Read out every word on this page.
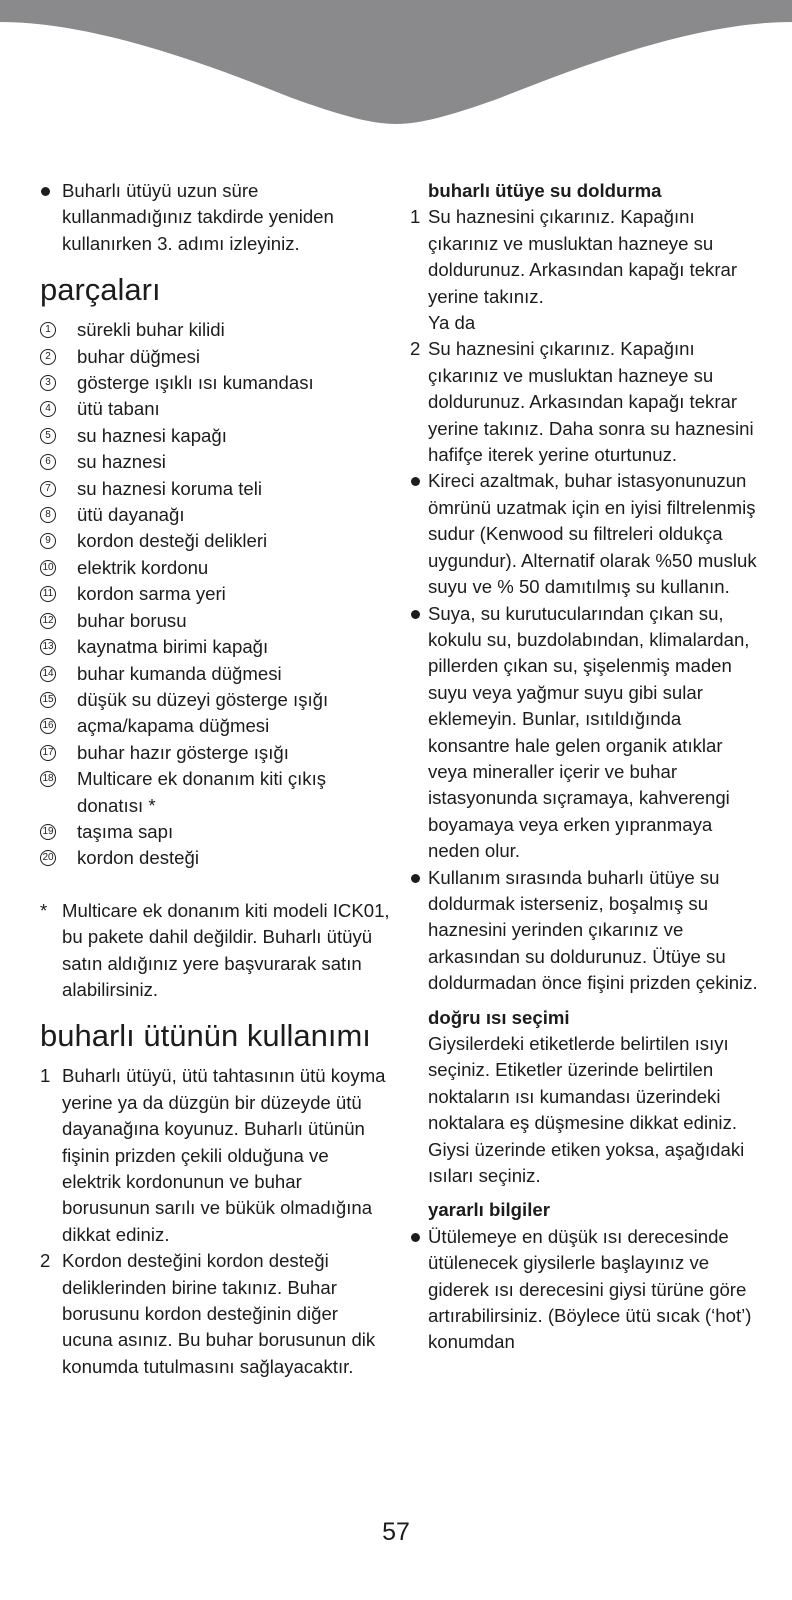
Buharlı ütüyü uzun süre kullanmadığınız takdirde yeniden kullanırken 3. adımı izleyiniz.
parçaları
1 sürekli buhar kilidi
2 buhar düğmesi
3 gösterge ışıklı ısı kumandası
4 ütü tabanı
5 su haznesi kapağı
6 su haznesi
7 su haznesi koruma teli
8 ütü dayanağı
9 kordon desteği delikleri
10 elektrik kordonu
11 kordon sarma yeri
12 buhar borusu
13 kaynatma birimi kapağı
14 buhar kumanda düğmesi
15 düşük su düzeyi gösterge ışığı
16 açma/kapama düğmesi
17 buhar hazır gösterge ışığı
18 Multicare ek donanım kiti çıkış donatısı *
19 taşıma sapı
20 kordon desteği
* Multicare ek donanım kiti modeli ICK01, bu pakete dahil değildir. Buharlı ütüyü satın aldığınız yere başvurarak satın alabilirsiniz.
buharlı ütünün kullanımı
1 Buharlı ütüyü, ütü tahtasının ütü koyma yerine ya da düzgün bir düzeyde ütü dayanağına koyunuz. Buharlı ütünün fişinin prizden çekili olduğuna ve elektrik kordonunun ve buhar borusunun sarılı ve bükük olmadığına dikkat ediniz.
2 Kordon desteğini kordon desteği deliklerinden birine takınız. Buhar borusunu kordon desteğinin diğer ucuna asınız. Bu buhar borusunun dik konumda tutulmasını sağlayacaktır.

buharlı ütüye su doldurma

1 Su haznesini çıkarınız. Kapağını çıkarınız ve musluktan hazneye su doldurunuz. Arkasından kapağı tekrar yerine takınız.
Ya da
2 Su haznesini çıkarınız. Kapağını çıkarınız ve musluktan hazneye su doldurunuz. Arkasından kapağı tekrar yerine takınız. Daha sonra su haznesini hafifçe iterek yerine oturtunuz.
Kireci azaltmak, buhar istasyonunuzun ömrünü uzatmak için en iyisi filtrelenmiş sudur (Kenwood su filtreleri oldukça uygundur). Alternatif olarak %50 musluk suyu ve % 50 damıtılmış su kullanın.
Suya, su kurutucularından çıkan su, kokulu su, buzdolabından, klimalardan, pillerden çıkan su, şişelenmiş maden suyu veya yağmur suyu gibi sular eklemeyin. Bunlar, ısıtıldığında konsantre hale gelen organik atıklar veya mineraller içerir ve buhar istasyonunda sıçramaya, kahverengi boyamaya veya erken yıpranmaya neden olur.
Kullanım sırasında buharlı ütüye su doldurmak isterseniz, boşalmış su haznesini yerinden çıkarınız ve arkasından su doldurunuz. Ütüye su doldurmadan önce fişini prizden çekiniz.

doğru ısı seçimi

Giysilerdeki etiketlerde belirtilen ısıyı seçiniz. Etiketler üzerinde belirtilen noktaların ısı kumandası üzerindeki noktalara eş düşmesine dikkat ediniz. Giysi üzerinde etiken yoksa, aşağıdaki ısıları seçiniz.

yararlı bilgiler

Ütülemeye en düşük ısı derecesinde ütülenecek giysilerle başlayınız ve giderek ısı derecesini giysi türüne göre artırabilirsiniz. (Böylece ütü sıcak (‘hot’) konumdan
57
